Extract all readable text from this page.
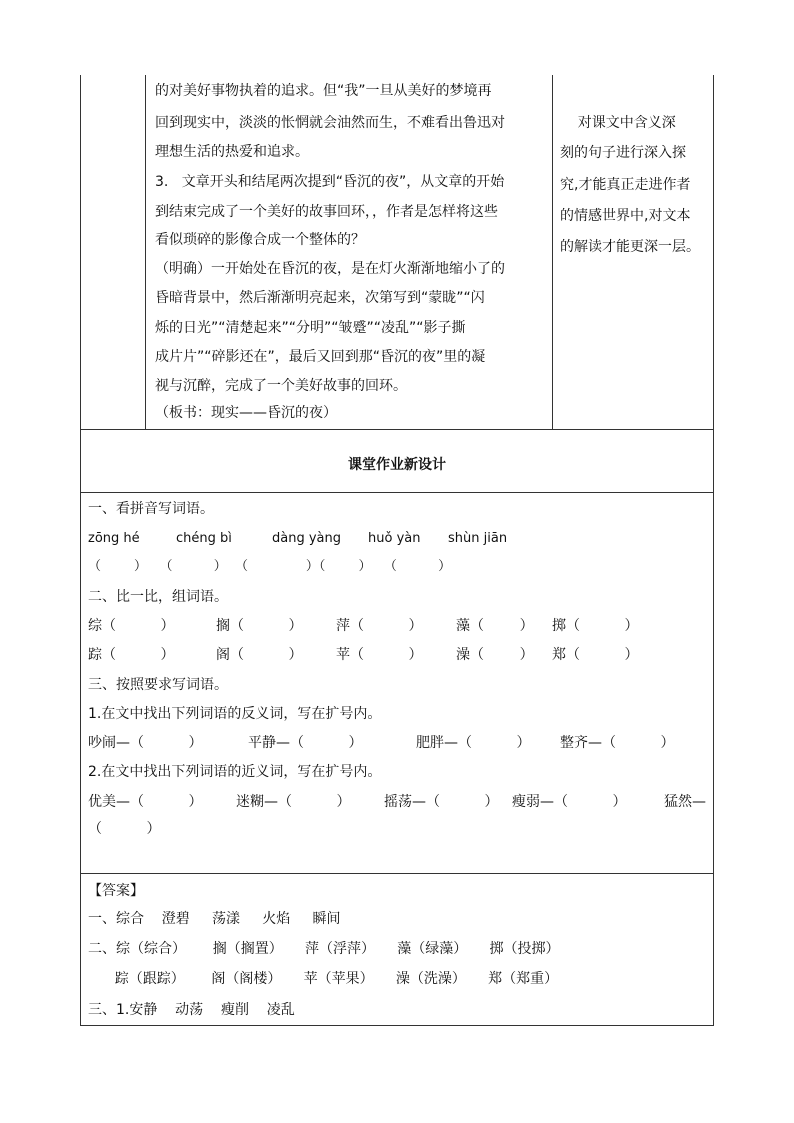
的对美好事物执着的追求。但“我”一旦从美好的梦境再
回到现实中，淡淡的怅惘就会油然而生，不难看出鲁迅对
理想生活的热爱和追求。
3.   文章开头和结尾两次提到“昏沉的夜”，从文章的开始
到结束完成了一个美好的故事回环，，作者是怎样将这些
看似琐碎的影像合成一个整体的？
（明确）一开始处在昏沉的夜，是在灯火渐渐地缩小了的
昏暗背景中，然后渐渐明亮起来，次第写到“蒙眬”“闪
烁的日光”“清楚起来”“分明”“皱蹙”“凌乱”“影子撕
成片片”“碎影还在”，最后又回到那“昏沉的夜”里的凝
视与沉醉，完成了一个美好故事的回环。
（板书：现实——昏沉的夜）
对课文中含义深
刻的句子进行深入探
究,才能真正走进作者
的情感世界中,对文本
的解读才能更深一层。
课堂作业新设计
一、看拼音写词语。
zōng hé	chéng bì	dàng yàng huǒ yàn shùn jiān
（        ）   （          ）  （              ）（        ）   （          ）
二、比一比，组词语。
综（          ）	搁（          ） 萍（          ） 藻（        ） 掷（          ）
踪（          ）	阁（          ） 苹（          ） 澡（        ） 郑（          ）
三、按照要求写词语。
1.在文中找出下列词语的反义词，写在扩号内。
吵闹—（          ）	平静—（          ）	肥胖—（          ） 整齐—（          ）
2.在文中找出下列词语的近义词，写在扩号内。
优美—（          ） 迷糊—（          ） 摇荡—（          ） 瘦弱—（          ）	猛然—
（          ）
【答案】
一、综合    澄碧     荡漾     火焰     瞬间
二、综（综合）      搁（搁置）     萍（浮萍）     藻（绿藻）     掷（投掷）
踪（跟踪）      阁（阁楼）     苹（苹果）     澡（洗澡）     郑（郑重）
三、1.安静    动荡    瘦削    凌乱
